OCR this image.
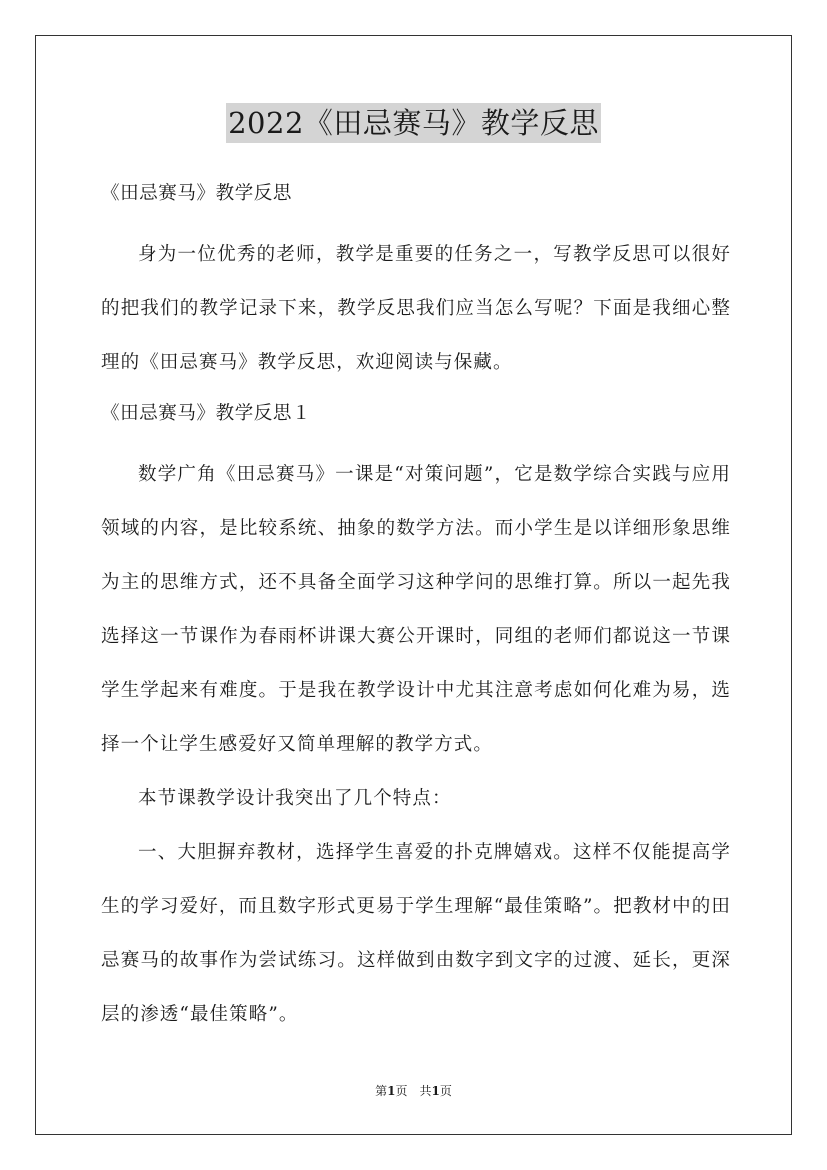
2022《田忌赛马》教学反思

《田忌赛马》教学反思

身为一位优秀的老师，教学是重要的任务之一，写教学反思可以很好的把我们的教学记录下来，教学反思我们应当怎么写呢？下面是我细心整理的《田忌赛马》教学反思，欢迎阅读与保藏。

《田忌赛马》教学反思１

数学广角《田忌赛马》一课是“对策问题”，它是数学综合实践与应用领域的内容，是比较系统、抽象的数学方法。而小学生是以详细形象思维为主的思维方式，还不具备全面学习这种学问的思维打算。所以一起先我选择这一节课作为春雨杯讲课大赛公开课时，同组的老师们都说这一节课学生学起来有难度。于是我在教学设计中尤其注意考虑如何化难为易，选择一个让学生感爱好又简单理解的教学方式。

本节课教学设计我突出了几个特点：

一、大胆摒弃教材，选择学生喜爱的扑克牌嬉戏。这样不仅能提高学生的学习爱好，而且数字形式更易于学生理解“最佳策略”。把教材中的田忌赛马的故事作为尝试练习。这样做到由数字到文字的过渡、延长，更深层的渗透“最佳策略”。

第1页　共1页
